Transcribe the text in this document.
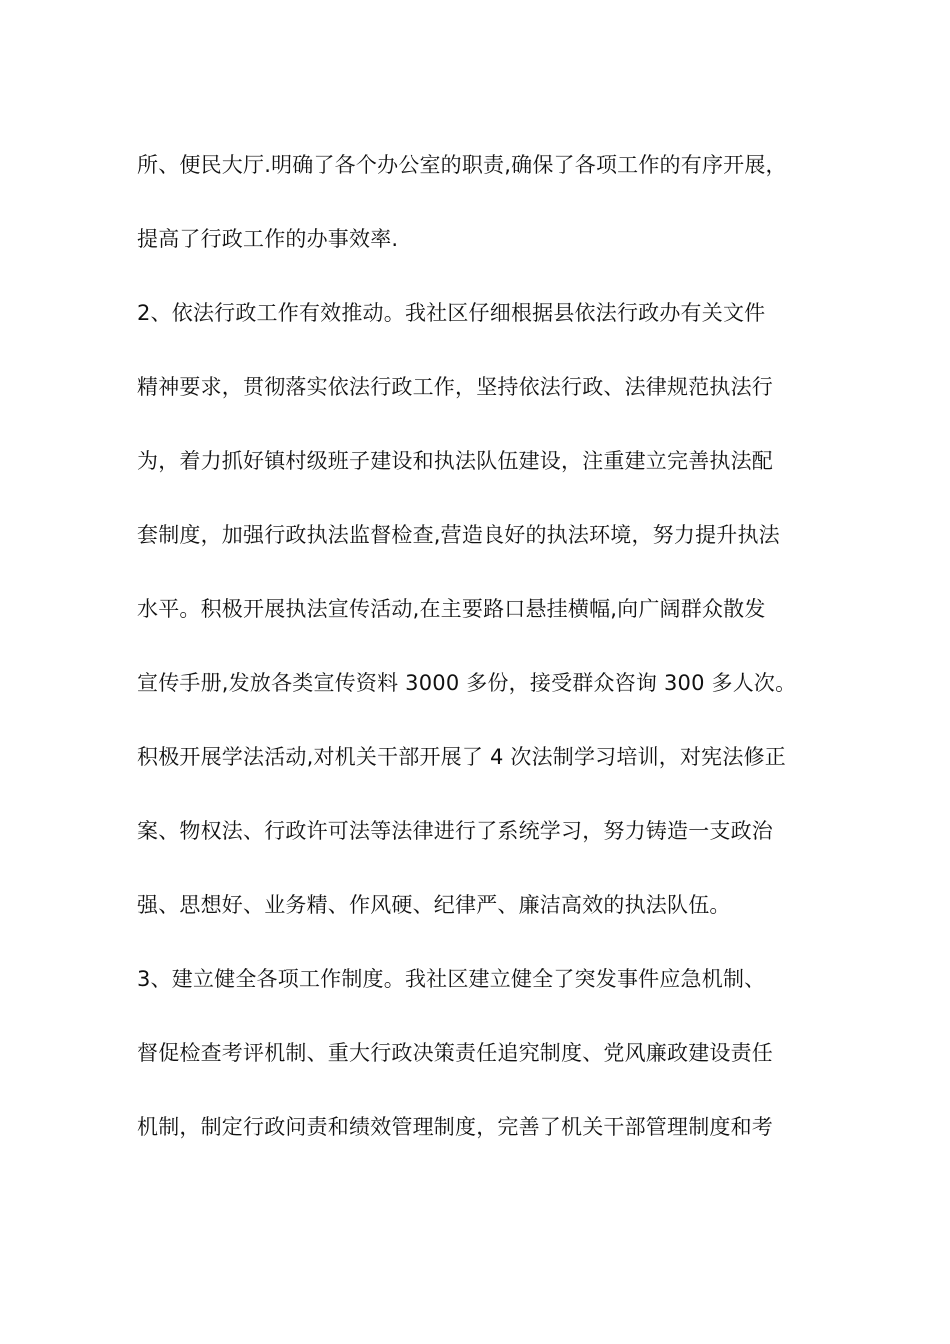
所、便民大厅.明确了各个办公室的职责,确保了各项工作的有序开展，
提高了行政工作的办事效率.
2、依法行政工作有效推动。我社区仔细根据县依法行政办有关文件
精神要求，贯彻落实依法行政工作，坚持依法行政、法律规范执法行
为，着力抓好镇村级班子建设和执法队伍建设，注重建立完善执法配
套制度，加强行政执法监督检查,营造良好的执法环境，努力提升执法
水平。积极开展执法宣传活动,在主要路口悬挂横幅,向广阔群众散发
宣传手册,发放各类宣传资料 3000 多份，接受群众咨询 300 多人次。
积极开展学法活动,对机关干部开展了 4 次法制学习培训，对宪法修正
案、物权法、行政许可法等法律进行了系统学习，努力铸造一支政治
强、思想好、业务精、作风硬、纪律严、廉洁高效的执法队伍。
3、建立健全各项工作制度。我社区建立健全了突发事件应急机制、
督促检查考评机制、重大行政决策责任追究制度、党风廉政建设责任
机制，制定行政问责和绩效管理制度，完善了机关干部管理制度和考
